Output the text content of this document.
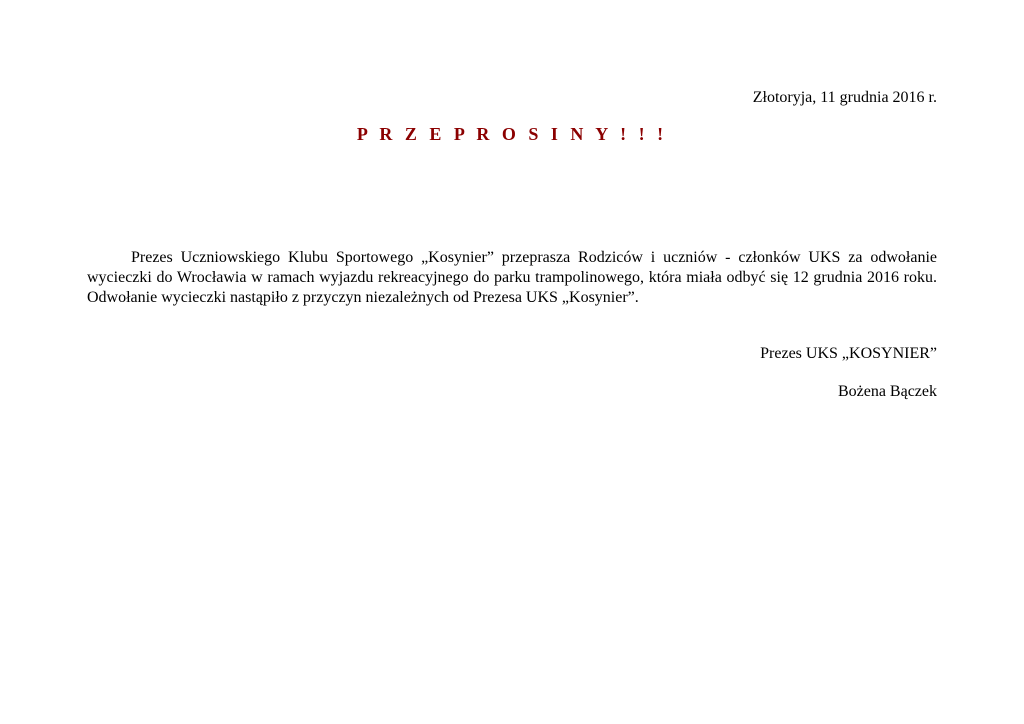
Złotoryja, 11 grudnia 2016 r.
P R Z E P R O S I N Y ! ! !

Prezes Uczniowskiego Klubu Sportowego „Kosynier” przeprasza Rodziców i uczniów - członków UKS za odwołanie wycieczki do Wrocławia w ramach wyjazdu rekreacyjnego do parku trampolinowego, która miała odbyć się 12 grudnia 2016 roku. Odwołanie wycieczki nastąpiło z przyczyn niezależnych od Prezesa UKS „Kosynier”.

Prezes UKS „KOSYNIER”
Bożena Bączek
